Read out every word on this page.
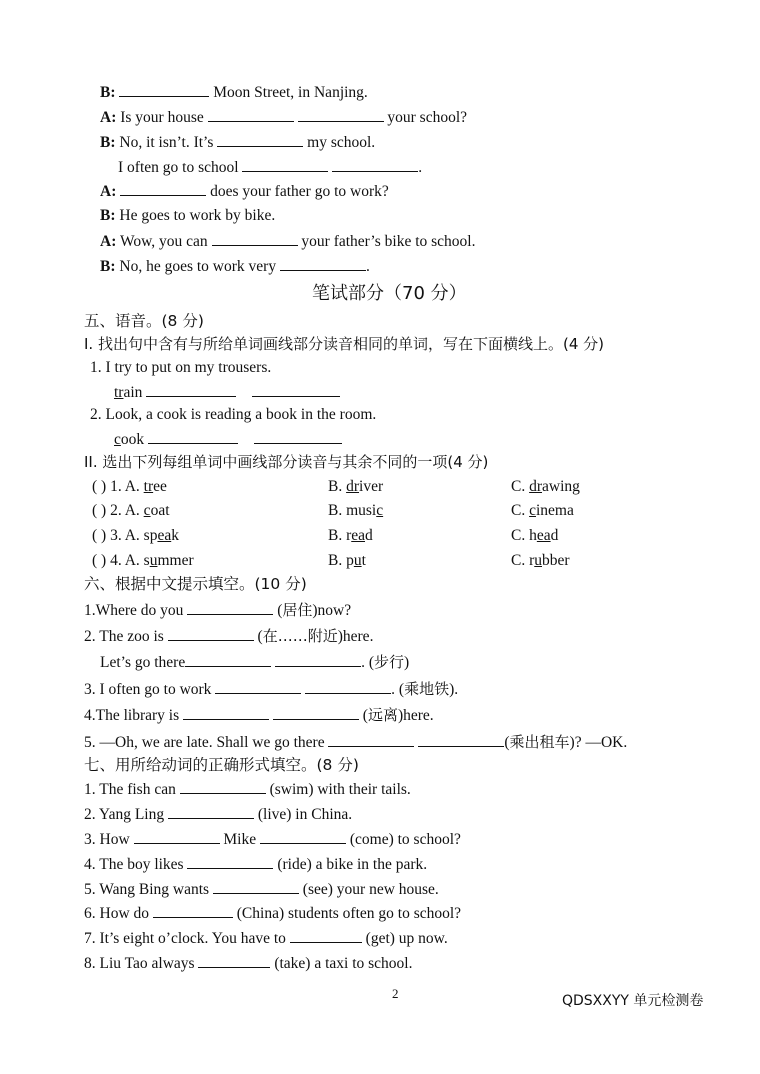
B:	Moon Street, in Nanjing.
A: Is your house	your school?
B: No, it isn’t. It’s	my school.
I often go to school	.
A:	does your father go to work?
B: He goes to work by bike.
A: Wow, you can	your father’s bike to school.
B: No, he goes to work very	.
笔试部分（70 分）
五、语音。(8 分)
I. 找出句中含有与所给单词画线部分读音相同的单词，写在下面横线上。(4 分)
1. I try to put on my trousers.
train
2. Look, a cook is reading a book in the room.
cook
II. 选出下列每组单词中画线部分读音与其余不同的一项(4 分)
( ) 1. A. tree	B. driver	C. drawing
( ) 2. A. coat	B. music	C. cinema
( ) 3. A. speak	B. read	C. head
( ) 4. A. summer	B. put	C. rubber
六、根据中文提示填空。(10 分)
1.Where do you	(居住)now?
2. The zoo is	(在……附近)here.
Let’s go there	. (步行)
3. I often go to work	. (乘地铁).
4.The library is	(远离)here.
5. —Oh, we are late. Shall we go there	(乘出租车)? —OK.
七、用所给动词的正确形式填空。(8 分)
1. The fish can	(swim) with their tails.
2. Yang Ling	(live) in China.
3. How	Mike	(come) to school?
4. The boy likes	(ride) a bike in the park.
5. Wang Bing wants	(see) your new house.
6. How do	(China) students often go to school?
7. It’s eight o’clock. You have to	(get) up now.
8. Liu Tao always	(take) a taxi to school.
2	QDSXXYY 单元检测卷
